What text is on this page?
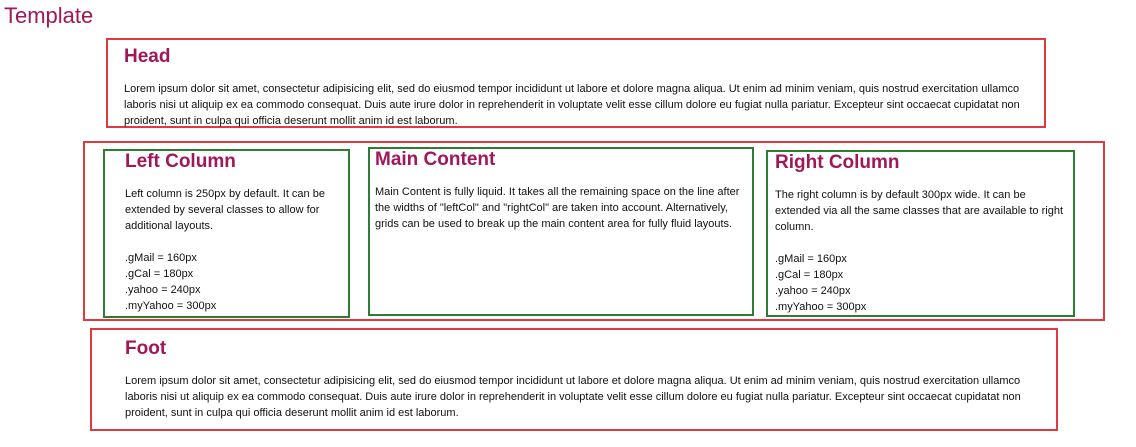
Template
Head

Lorem ipsum dolor sit amet, consectetur adipisicing elit, sed do eiusmod tempor incididunt ut labore et dolore magna aliqua. Ut enim ad minim veniam, quis nostrud exercitation ullamco laboris nisi ut aliquip ex ea commodo consequat. Duis aute irure dolor in reprehenderit in voluptate velit esse cillum dolore eu fugiat nulla pariatur. Excepteur sint occaecat cupidatat non proident, sunt in culpa qui officia deserunt mollit anim id est laborum.

Left Column

Left column is 250px by default. It can be extended by several classes to allow for additional layouts.

.gMail = 160px
.gCal = 180px
.yahoo = 240px
.myYahoo = 300px
Main Content

Main Content is fully liquid. It takes all the remaining space on the line after the widths of "leftCol" and "rightCol" are taken into account. Alternatively, grids can be used to break up the main content area for fully fluid layouts.

Right Column

The right column is by default 300px wide. It can be extended via all the same classes that are available to right column.

.gMail = 160px
.gCal = 180px
.yahoo = 240px
.myYahoo = 300px
Foot

Lorem ipsum dolor sit amet, consectetur adipisicing elit, sed do eiusmod tempor incididunt ut labore et dolore magna aliqua. Ut enim ad minim veniam, quis nostrud exercitation ullamco laboris nisi ut aliquip ex ea commodo consequat. Duis aute irure dolor in reprehenderit in voluptate velit esse cillum dolore eu fugiat nulla pariatur. Excepteur sint occaecat cupidatat non proident, sunt in culpa qui officia deserunt mollit anim id est laborum.
